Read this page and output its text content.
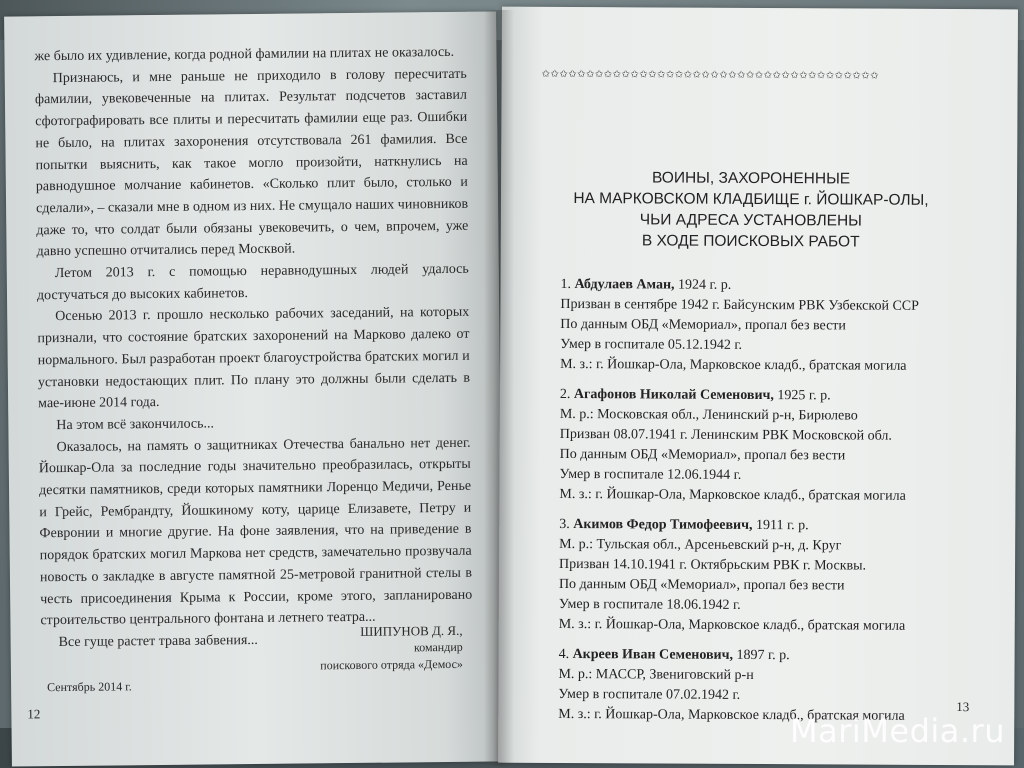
же было их удивление, когда родной фамилии на плитах не оказалось.

Признаюсь, и мне раньше не приходило в голову пересчитать фамилии, увековеченные на плитах. Результат подсчетов заставил сфотографировать все плиты и пересчитать фамилии еще раз. Ошибки не было, на плитах захоронения отсутствовала 261 фамилия. Все попытки выяснить, как такое могло произойти, наткнулись на равнодушное молчание кабинетов. «Сколько плит было, столько и сделали», – сказали мне в одном из них. Не смущало наших чиновников даже то, что солдат были обязаны увековечить, о чем, впрочем, уже давно успешно отчитались перед Москвой.

Летом 2013 г. с помощью неравнодушных людей удалось достучаться до высоких кабинетов.

Осенью 2013 г. прошло несколько рабочих заседаний, на которых признали, что состояние братских захоронений на Марково далеко от нормального. Был разработан проект благоустройства братских могил и установки недостающих плит. По плану это должны были сделать в мае-июне 2014 года.

На этом всё закончилось...

Оказалось, на память о защитниках Отечества банально нет денег. Йошкар-Ола за последние годы значительно преобразилась, открыты десятки памятников, среди которых памятники Лоренцо Медичи, Ренье и Грейс, Рембрандту, Йошкиному коту, царице Елизавете, Петру и Февронии и многие другие. На фоне заявления, что на приведение в порядок братских могил Маркова нет средств, замечательно прозвучала новость о закладке в августе памятной 25-метровой гранитной стелы в честь присоединения Крыма к России, кроме этого, запланировано строительство центрального фонтана и летнего театра...

Все гуще растет трава забвения...

ШИПУНОВ Д. Я.,
командир
поискового отряда «Демос»
Сентябрь 2014 г.
12
✩✩✩✩✩✩✩✩✩✩✩✩✩✩✩✩✩✩✩✩✩✩✩✩✩✩✩✩✩✩✩✩✩✩✩✩✩✩
ВОИНЫ, ЗАХОРОНЕННЫЕ
НА МАРКОВСКОМ КЛАДБИЩЕ г. ЙОШКАР-ОЛЫ,
ЧЬИ АДРЕСА УСТАНОВЛЕНЫ
В ХОДЕ ПОИСКОВЫХ РАБОТ
1. Абдулаев Аман, 1924 г. р.
Призван в сентябре 1942 г. Байсунским РВК Узбекской ССР
По данным ОБД «Мемориал», пропал без вести
Умер в госпитале 05.12.1942 г.
М. з.: г. Йошкар-Ола, Марковское кладб., братская могила
2. Агафонов Николай Семенович, 1925 г. р.
М. р.: Московская обл., Ленинский р-н, Бирюлево
Призван 08.07.1941 г. Ленинским РВК Московской обл.
По данным ОБД «Мемориал», пропал без вести
Умер в госпитале 12.06.1944 г.
М. з.: г. Йошкар-Ола, Марковское кладб., братская могила
3. Акимов Федор Тимофеевич, 1911 г. р.
М. р.: Тульская обл., Арсеньевский р-н, д. Круг
Призван 14.10.1941 г. Октябрьским РВК г. Москвы.
По данным ОБД «Мемориал», пропал без вести
Умер в госпитале 18.06.1942 г.
М. з.: г. Йошкар-Ола, Марковское кладб., братская могила
4. Акреев Иван Семенович, 1897 г. р.
М. р.: МАССР, Звениговский р-н
Умер в госпитале 07.02.1942 г.
М. з.: г. Йошкар-Ола, Марковское кладб., братская могила
13
MariMedia.ru
